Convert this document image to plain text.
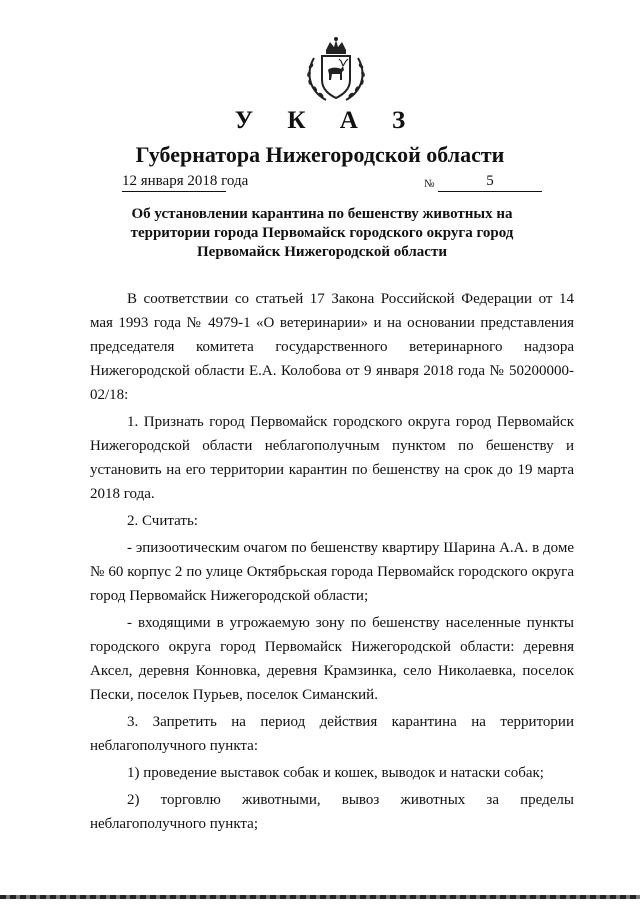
У К А З
Губернатора Нижегородской области
12 января 2018 года	№	5
Об установлении карантина по бешенству животных на территории города Первомайск городского округа город Первомайск Нижегородской области

В соответствии со статьей 17 Закона Российской Федерации от 14 мая 1993 года № 4979-1 «О ветеринарии» и на основании представления председателя комитета государственного ветеринарного надзора Нижегородской области Е.А. Колобова от 9 января 2018 года № 50200000-02/18:

1. Признать город Первомайск городского округа город Первомайск Нижегородской области неблагополучным пунктом по бешенству и установить на его территории карантин по бешенству на срок до 19 марта 2018 года.

2. Считать:

- эпизоотическим очагом по бешенству квартиру Шарина А.А. в доме № 60 корпус 2 по улице Октябрьская города Первомайск городского округа город Первомайск Нижегородской области;

- входящими в угрожаемую зону по бешенству населенные пункты городского округа город Первомайск Нижегородской области: деревня Аксел, деревня Конновка, деревня Крамзинка, село Николаевка, поселок Пески, поселок Пурьев, поселок Симанский.

3. Запретить на период действия карантина на территории неблагополучного пункта:

1) проведение выставок собак и кошек, выводок и натаски собак;

2) торговлю животными, вывоз животных за пределы неблагополучного пункта;
